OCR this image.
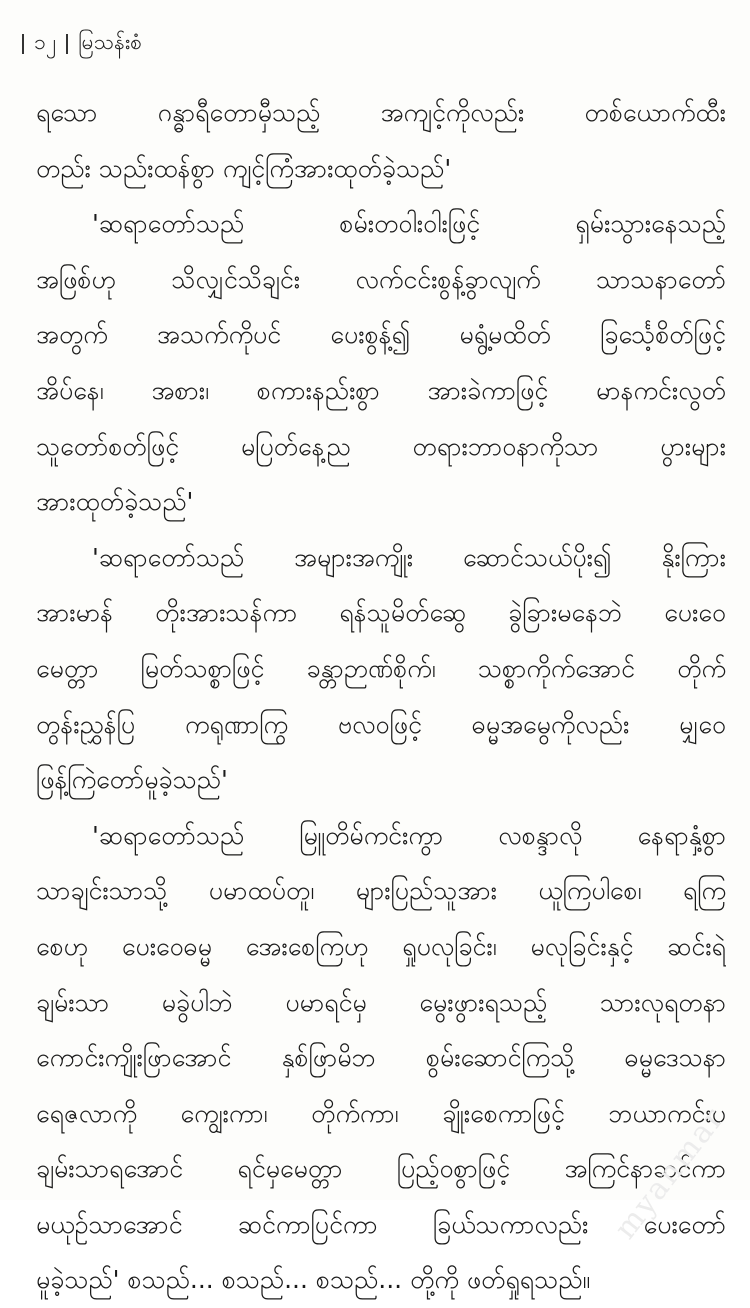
၁၂ မြသန်းစံ
ရသော ဂန္ဓာရီတောမှီသည့် အကျင့်ကိုလည်း တစ်ယောက်ထီး
တည်း သည်းထန်စွာ ကျင့်ကြံအားထုတ်ခဲ့သည်'
'ဆရာတော်သည် စမ်းတဝါးဝါးဖြင့် ရှမ်းသွားနေသည့်
အဖြစ်ဟု သိလျှင်သိချင်း လက်ငင်းစွန့်ခွာလျက် သာသနာတော်
အတွက် အသက်ကိုပင် ပေးစွန့်၍ မရွံ့မထိတ် ခြင်္သေ့စိတ်ဖြင့်
အိပ်နေ၊ အစား၊ စကားနည်းစွာ အားခဲကာဖြင့် မာနကင်းလွတ်
သူတော်စတ်ဖြင့် မပြတ်နေ့ည တရားဘာဝနာကိုသာ ပွားများ
အားထုတ်ခဲ့သည်'
'ဆရာတော်သည် အများအကျိုး ဆောင်သယ်ပိုး၍ နိုးကြား
အားမာန် တိုးအားသန်ကာ ရန်သူမိတ်ဆွေ ခွဲခြားမနေဘဲ ပေးဝေ
မေတ္တာ မြတ်သစ္စာဖြင့် ခန္တာဉာဏ်စိုက်၊ သစ္စာကိုက်အောင် တိုက်
တွန်းညွှန်ပြ ကရုဏာကြွ ဗလဝဖြင့် ဓမ္မအမွေကိုလည်း မျှဝေ
ဖြန့်ကြဲတော်မူခဲ့သည်'
'ဆရာတော်သည် မြူတိမ်ကင်းကွာ လစန္ဒာလို နေရာနှံ့စွာ
သာချင်းသာသို့ ပမာထပ်တူ၊ များပြည်သူအား ယူကြပါစေ၊ ရကြ
စေဟု ပေးဝေဓမ္မ အေးစေကြဟု ရှုပလုခြင်း၊ မလုခြင်းနှင့် ဆင်းရဲ
ချမ်းသာ မခွဲပါဘဲ ပမာရင်မှ မွေးဖွားရသည့် သားလုရတနာ
ကောင်းကျိုးဖြာအောင် နှစ်ဖြာမိဘ စွမ်းဆောင်ကြသို့ ဓမ္မဒေသနာ
ရေဇလာကို ကျွေးကာ၊ တိုက်ကာ၊ ချိုးစေကာဖြင့် ဘယာကင်းပ
ချမ်းသာရအောင် ရင်မှမေတ္တာ ပြည့်ဝစွာဖြင့် အကြင်နာဆင်ကာ
မယုဉ်သာအောင် ဆင်ကာပြင်ကာ ခြယ်သကာလည်း ပေးတော်
မူခဲ့သည်' စသည်... စသည်... စသည်... တို့ကို ဖတ်ရှုရသည်။
myanmar
